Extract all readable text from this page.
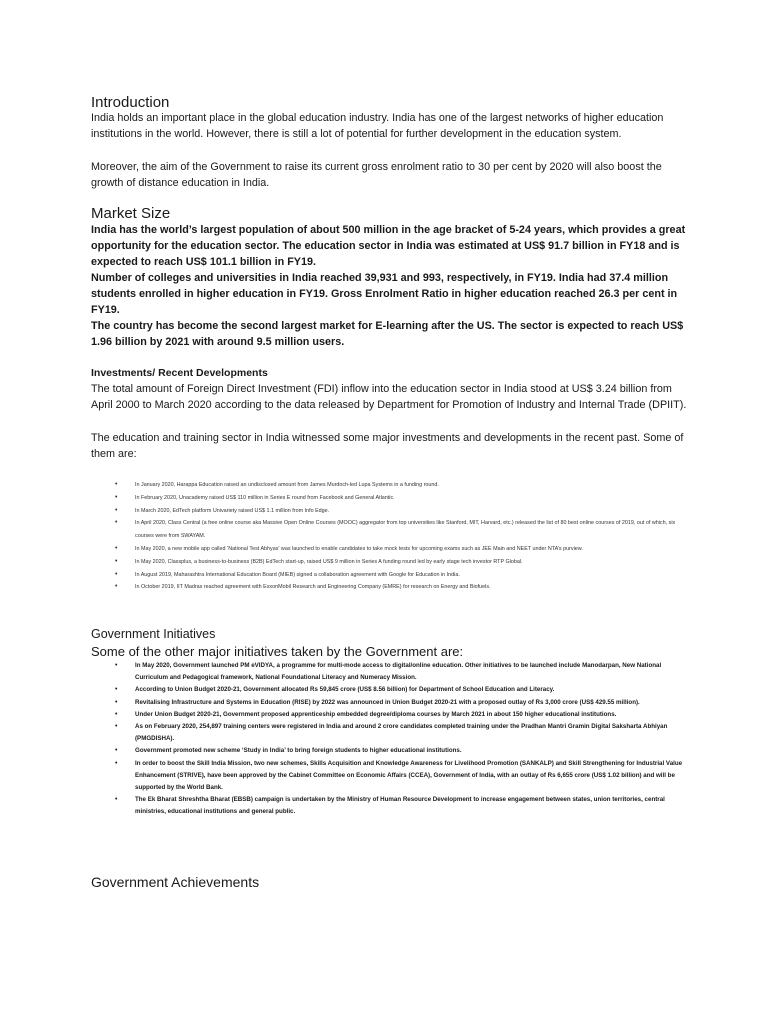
Introduction

India holds an important place in the global education industry. India has one of the largest networks of higher education institutions in the world. However, there is still a lot of potential for further development in the education system.

Moreover, the aim of the Government to raise its current gross enrolment ratio to 30 per cent by 2020 will also boost the growth of distance education in India.

Market Size

India has the world’s largest population of about 500 million in the age bracket of 5-24 years, which provides a great opportunity for the education sector. The education sector in India was estimated at US$ 91.7 billion in FY18 and is expected to reach US$ 101.1 billion in FY19.

Number of colleges and universities in India reached 39,931 and 993, respectively, in FY19. India had 37.4 million students enrolled in higher education in FY19. Gross Enrolment Ratio in higher education reached 26.3 per cent in FY19.

The country has become the second largest market for E-learning after the US. The sector is expected to reach US$ 1.96 billion by 2021 with around 9.5 million users.

Investments/ Recent Developments

The total amount of Foreign Direct Investment (FDI) inflow into the education sector in India stood at US$ 3.24 billion from April 2000 to March 2020 according to the data released by Department for Promotion of Industry and Internal Trade (DPIIT).

The education and training sector in India witnessed some major investments and developments in the recent past. Some of them are:

• In January 2020, Harappa Education raised an undisclosed amount from James Murdoch-led Lupa Systems in a funding round.
• In February 2020, Unacademy raised US$ 110 million in Series E round from Facebook and General Atlantic.
• In March 2020, EdTech platform Univariety raised US$ 1.1 million from Info Edge.
• In April 2020, Class Central (a free online course aka Massive Open Online Courses (MOOC) aggregator from top universities like Stanford, MIT, Harvard, etc.) released the list of 80 best online courses of 2019, out of which, six courses were from SWAYAM.
• In May 2020, a new mobile app called ‘National Test Abhyas’ was launched to enable candidates to take mock tests for upcoming exams such as JEE Main and NEET under NTA’s purview.
• In May 2020, Classplus, a business-to-business (B2B) EdTech start-up, raised US$ 9 million in Series A funding round led by early stage tech investor RTP Global.
• In August 2019, Maharashtra International Education Board (MIEB) signed a collaboration agreement with Google for Education in India.
• In October 2019, IIT Madras reached agreement with ExxonMobil Research and Engineering Company (EMRE) for research on Energy and Biofuels.
Government Initiatives
Some of the other major initiatives taken by the Government are:
• In May 2020, Government launched PM eVIDYA, a programme for multi-mode access to digital/online education. Other initiatives to be launched include Manodarpan, New National Curriculum and Pedagogical framework, National Foundational Literacy and Numeracy Mission.
• According to Union Budget 2020-21, Government allocated Rs 59,845 crore (US$ 8.56 billion) for Department of School Education and Literacy.
• Revitalising Infrastructure and Systems in Education (RISE) by 2022 was announced in Union Budget 2020-21 with a proposed outlay of Rs 3,000 crore (US$ 429.55 million).
• Under Union Budget 2020-21, Government proposed apprenticeship embedded degree/diploma courses by March 2021 in about 150 higher educational institutions.
• As on February 2020, 254,897 training centers were registered in India and around 2 crore candidates completed training under the Pradhan Mantri Gramin Digital Saksharta Abhiyan (PMGDISHA).
• Government promoted new scheme ‘Study in India’ to bring foreign students to higher educational institutions.
• In order to boost the Skill India Mission, two new schemes, Skills Acquisition and Knowledge Awareness for Livelihood Promotion (SANKALP) and Skill Strengthening for Industrial Value Enhancement (STRIVE), have been approved by the Cabinet Committee on Economic Affairs (CCEA), Government of India, with an outlay of Rs 6,655 crore (US$ 1.02 billion) and will be supported by the World Bank.
• The Ek Bharat Shreshtha Bharat (EBSB) campaign is undertaken by the Ministry of Human Resource Development to increase engagement between states, union territories, central ministries, educational institutions and general public.
Government Achievements
